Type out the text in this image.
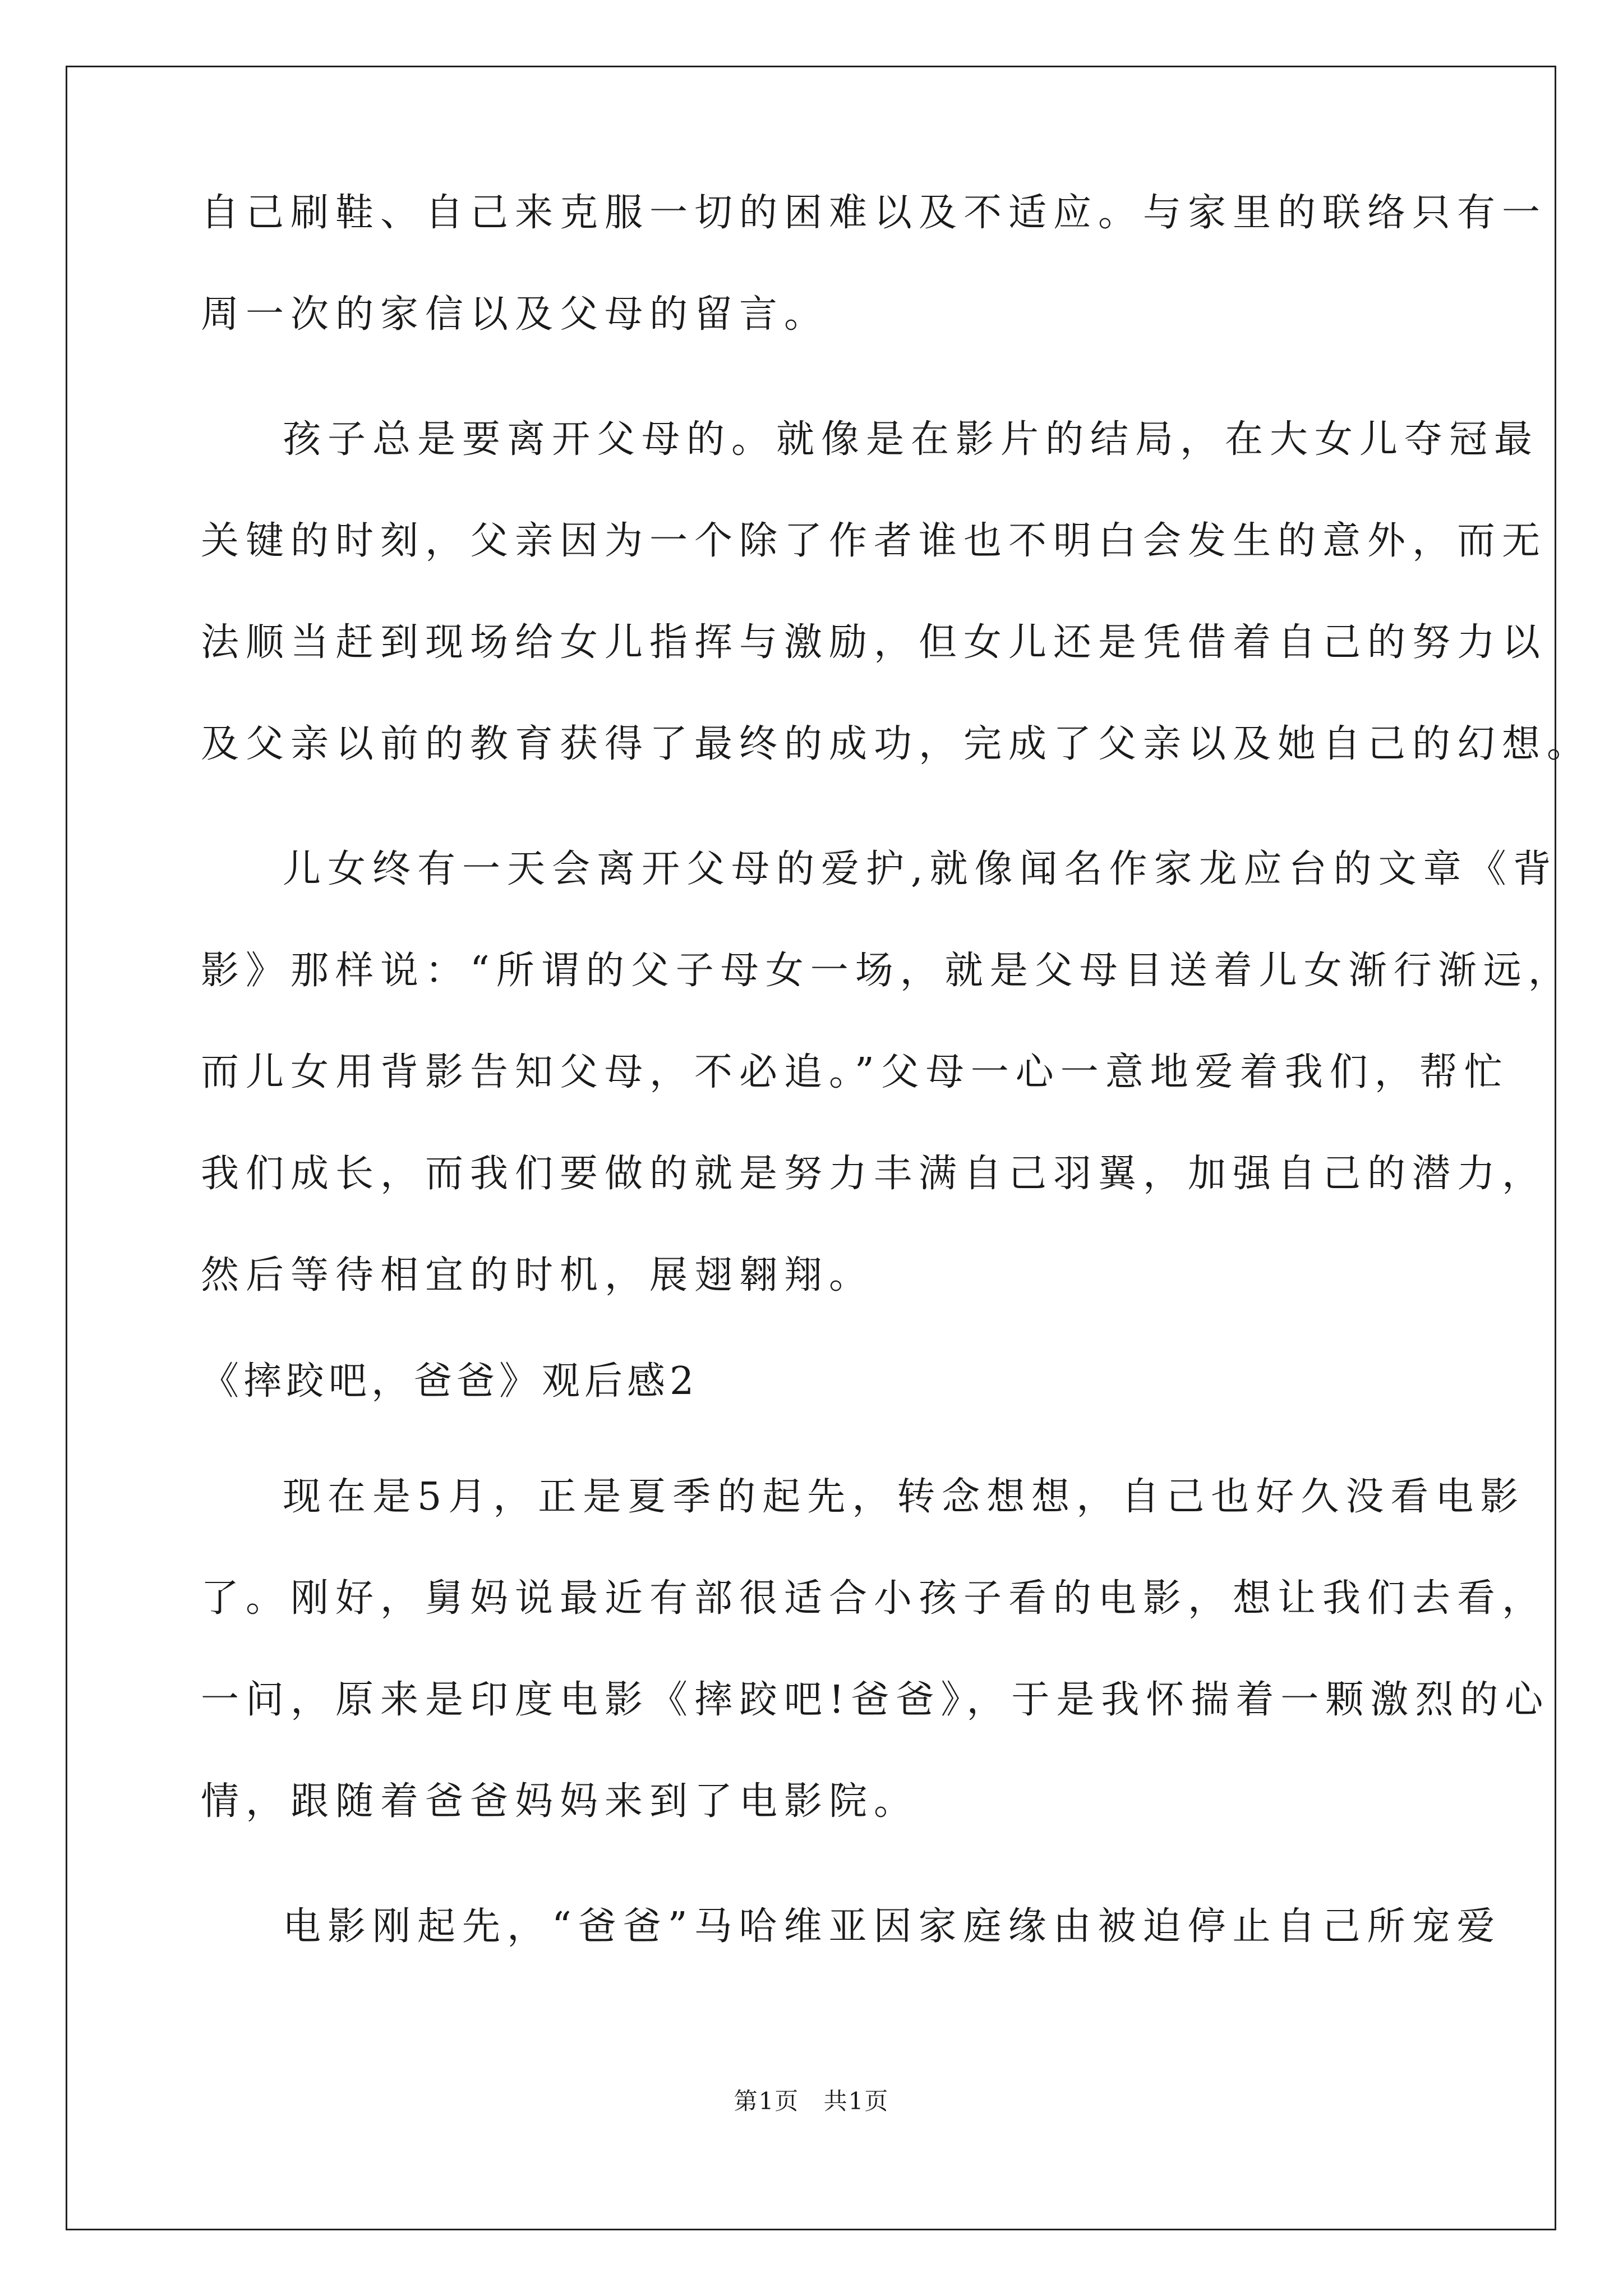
自己刷鞋、自己来克服一切的困难以及不适应。与家里的联络只有一
周一次的家信以及父母的留言。
孩子总是要离开父母的。就像是在影片的结局，在大女儿夺冠最
关键的时刻，父亲因为一个除了作者谁也不明白会发生的意外，而无
法顺当赶到现场给女儿指挥与激励，但女儿还是凭借着自己的努力以
及父亲以前的教育获得了最终的成功，完成了父亲以及她自己的幻想。
儿女终有一天会离开父母的爱护,就像闻名作家龙应台的文章《背
影》那样说：“所谓的父子母女一场，就是父母目送着儿女渐行渐远，
而儿女用背影告知父母，不必追。”父母一心一意地爱着我们，帮忙
我们成长，而我们要做的就是努力丰满自己羽翼，加强自己的潜力，
然后等待相宜的时机，展翅翱翔。
《摔跤吧，爸爸》观后感2
现在是5月，正是夏季的起先，转念想想，自己也好久没看电影
了。刚好，舅妈说最近有部很适合小孩子看的电影，想让我们去看，
一问，原来是印度电影《摔跤吧!爸爸》，于是我怀揣着一颗激烈的心
情，跟随着爸爸妈妈来到了电影院。
电影刚起先，“爸爸”马哈维亚因家庭缘由被迫停止自己所宠爱
第1页 共1页
